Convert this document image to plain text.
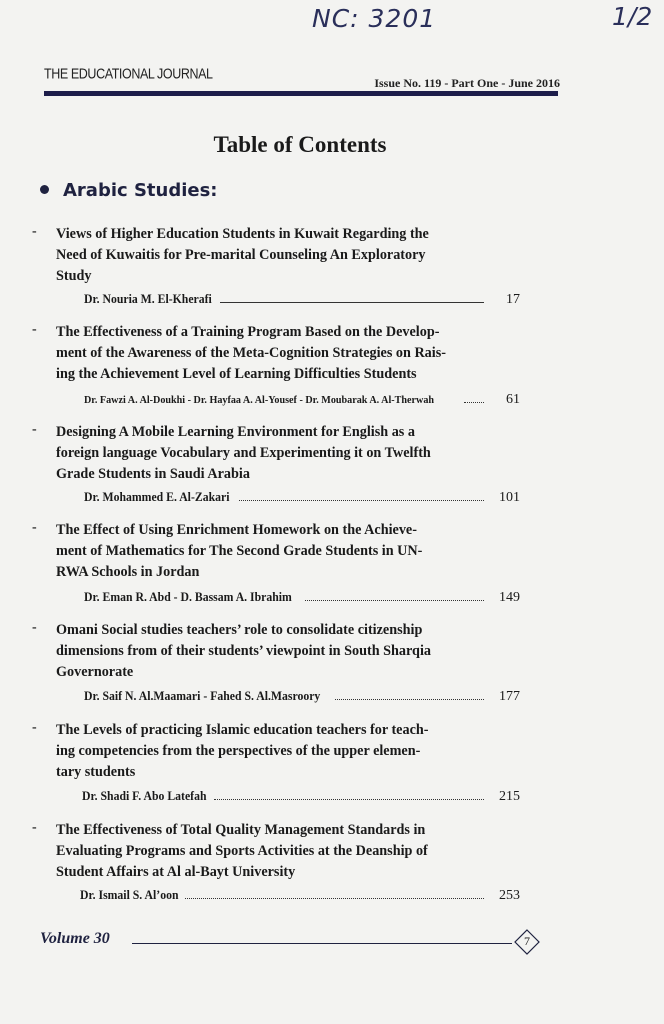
NC: 3201	1/2
THE EDUCATIONAL JOURNAL
Issue No. 119 - Part One - June 2016
Table of Contents
Arabic Studies:
- Views of Higher Education Students in Kuwait Regarding the
Need of Kuwaitis for Pre-marital Counseling An Exploratory
Study
Dr. Nouria M. El-Kherafi	17
- The Effectiveness of a Training Program Based on the Develop-
ment of the Awareness of the Meta-Cognition Strategies on Rais-
ing the Achievement Level of Learning Difficulties Students
Dr. Fawzi A. Al-Doukhi - Dr. Hayfaa A. Al-Yousef - Dr. Moubarak A. Al-Therwah	61
- Designing A Mobile Learning Environment for English as a
foreign language Vocabulary and Experimenting it on Twelfth
Grade Students in Saudi Arabia
Dr. Mohammed E. Al-Zakari	101
- The Effect of Using Enrichment Homework on the Achieve-
ment of Mathematics for The Second Grade Students in UN-
RWA Schools in Jordan
Dr. Eman R. Abd - D. Bassam A. Ibrahim	149
- Omani Social studies teachers’ role to consolidate citizenship
dimensions from of their students’ viewpoint in South Sharqia
Governorate
Dr. Saif N. Al.Maamari - Fahed S. Al.Masroory	177
- The Levels of practicing Islamic education teachers for teach-
ing competencies from the perspectives of the upper elemen-
tary students
Dr. Shadi F. Abo Latefah	215
- The Effectiveness of Total Quality Management Standards in
Evaluating Programs and Sports Activities at the Deanship of
Student Affairs at Al al-Bayt University
Dr. Ismail S. Al’oon	253
Volume 30	7
